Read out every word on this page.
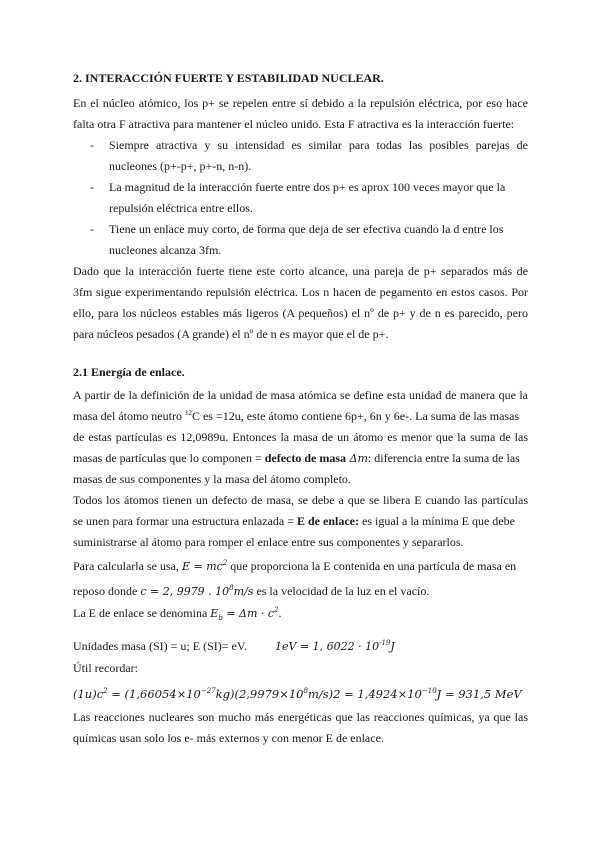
2. INTERACCIÓN FUERTE Y ESTABILIDAD NUCLEAR.
En el núcleo atómico, los p+ se repelen entre sí debido a la repulsión eléctrica, por eso hace
falta otra F atractiva para mantener el núcleo unido. Esta F atractiva es la interacción fuerte:
- Siempre atractiva y su intensidad es similar para todas las posibles parejas de
nucleones (p+-p+, p+-n, n-n).
- La magnitud de la interacción fuerte entre dos p+ es aprox 100 veces mayor que la
repulsión eléctrica entre ellos.
- Tiene un enlace muy corto, de forma que deja de ser efectiva cuando la d entre los
nucleones alcanza 3fm.
Dado que la interacción fuerte tiene este corto alcance, una pareja de p+ separados más de
3fm sigue experimentando repulsión eléctrica. Los n hacen de pegamento en estos casos. Por
ello, para los núcleos estables más ligeros (A pequeños) el nº de p+ y de n es parecido, pero
para núcleos pesados (A grande) el nº de n es mayor que el de p+.
2.1 Energía de enlace.
A partir de la definición de la unidad de masa atómica se define esta unidad de manera que la
masa del átomo neutro $^{12}$C es =12u, este átomo contiene 6p+, 6n y 6e-. La suma de las masas
de estas partículas es 12,0989u. Entonces la masa de un átomo es menor que la suma de las
masas de partículas que lo componen = defecto de masa Δm: diferencia entre la suma de las
masas de sus componentes y la masa del átomo completo.
Todos los átomos tienen un defecto de masa, se debe a que se libera E cuando las partículas
se unen para formar una estructura enlazada = E de enlace: es igual a la mínima E que debe
suministrarse al átomo para romper el enlace entre sus componentes y separarlos.
Para calcularla se usa, $E = mc^2$ que proporciona la E contenida en una partícula de masa en
reposo donde c = 2, 9979 . $10^8m/s$ es la velocidad de la luz en el vacío.
La E de enlace se denomina $E_b = \Delta m \cdot c^2$.
Unidades masa (SI) = u; E (SI)= eV.	1eV = 1, $6022 \cdot 10^{-19}J$
Útil recordar:
$(1u)c^2 = (1,66054\times 10^{-27}kg)(2,9979\times 10^8m/s)2 = 1,4924\times 10^{-10}J = 931,5$ MeV
Las reacciones nucleares son mucho más energéticas que las reacciones químicas, ya que las
químicas usan solo los e- más externos y con menor E de enlace.
